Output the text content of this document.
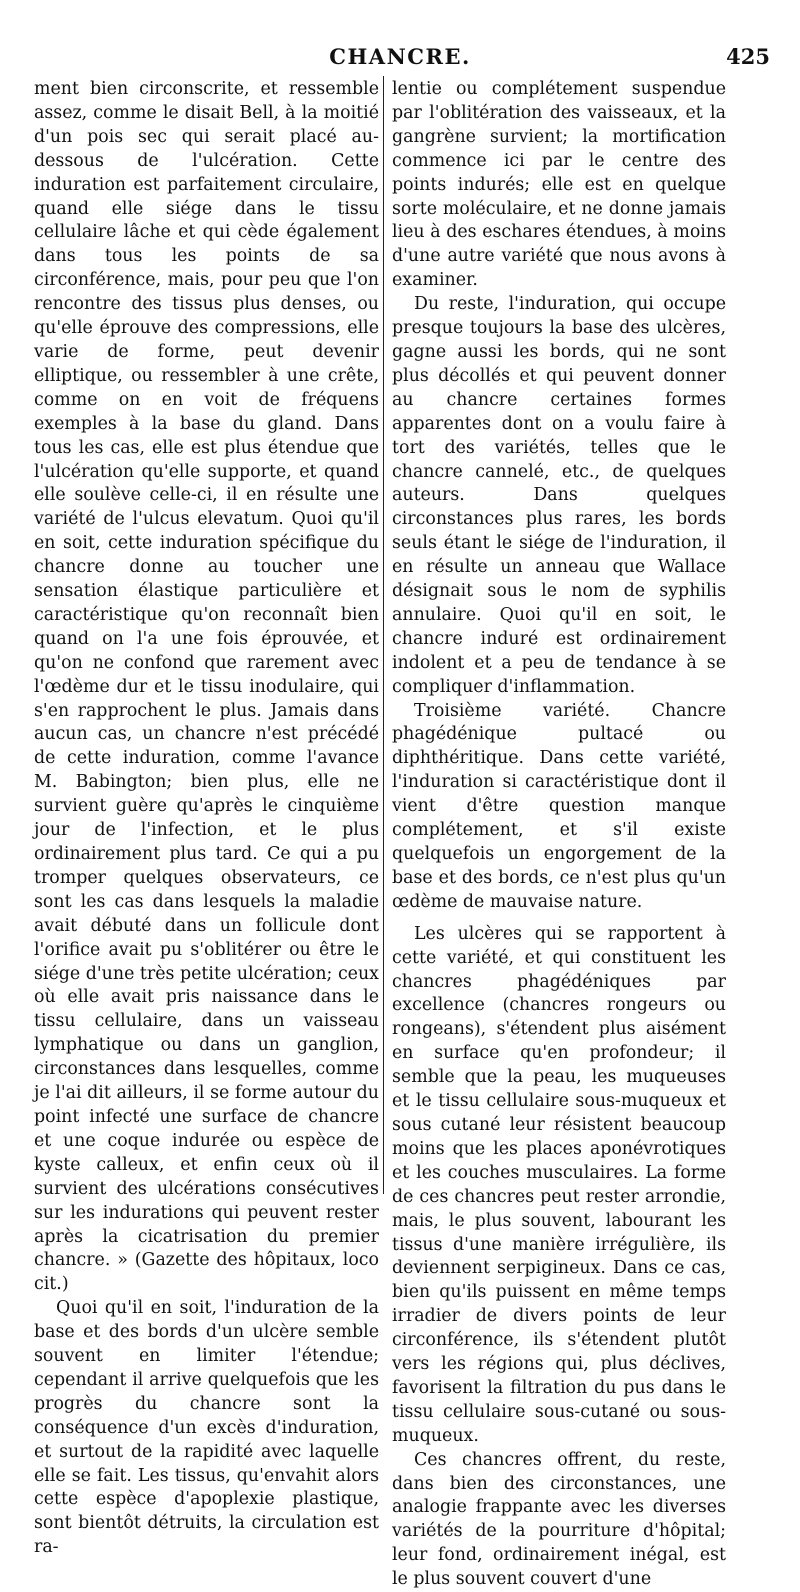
CHANCRE.	425

ment bien circonscrite, et ressemble assez, comme le disait Bell, à la moitié d'un pois sec qui serait placé au-dessous de l'ulcération. Cette induration est parfaitement circulaire, quand elle siége dans le tissu cellulaire lâche et qui cède également dans tous les points de sa circonférence, mais, pour peu que l'on rencontre des tissus plus denses, ou qu'elle éprouve des compressions, elle varie de forme, peut devenir elliptique, ou ressembler à une crête, comme on en voit de fréquens exemples à la base du gland. Dans tous les cas, elle est plus étendue que l'ulcération qu'elle supporte, et quand elle soulève celle-ci, il en résulte une variété de l'ulcus elevatum. Quoi qu'il en soit, cette induration spécifique du chancre donne au toucher une sensation élastique particulière et caractéristique qu'on reconnaît bien quand on l'a une fois éprouvée, et qu'on ne confond que rarement avec l'œdème dur et le tissu inodulaire, qui s'en rapprochent le plus. Jamais dans aucun cas, un chancre n'est précédé de cette induration, comme l'avance M. Babington; bien plus, elle ne survient guère qu'après le cinquième jour de l'infection, et le plus ordinairement plus tard. Ce qui a pu tromper quelques observateurs, ce sont les cas dans lesquels la maladie avait débuté dans un follicule dont l'orifice avait pu s'oblitérer ou être le siége d'une très petite ulcération; ceux où elle avait pris naissance dans le tissu cellulaire, dans un vaisseau lymphatique ou dans un ganglion, circonstances dans lesquelles, comme je l'ai dit ailleurs, il se forme autour du point infecté une surface de chancre et une coque indurée ou espèce de kyste calleux, et enfin ceux où il survient des ulcérations consécutives sur les indurations qui peuvent rester après la cicatrisation du premier chancre. » (Gazette des hôpitaux, loco cit.)

Quoi qu'il en soit, l'induration de la base et des bords d'un ulcère semble souvent en limiter l'étendue; cependant il arrive quelquefois que les progrès du chancre sont la conséquence d'un excès d'induration, et surtout de la rapidité avec laquelle elle se fait. Les tissus, qu'envahit alors cette espèce d'apoplexie plastique, sont bientôt détruits, la circulation est ra-

lentie ou complétement suspendue par l'oblitération des vaisseaux, et la gangrène survient; la mortification commence ici par le centre des points indurés; elle est en quelque sorte moléculaire, et ne donne jamais lieu à des eschares étendues, à moins d'une autre variété que nous avons à examiner.

Du reste, l'induration, qui occupe presque toujours la base des ulcères, gagne aussi les bords, qui ne sont plus décollés et qui peuvent donner au chancre certaines formes apparentes dont on a voulu faire à tort des variétés, telles que le chancre cannelé, etc., de quelques auteurs. Dans quelques circonstances plus rares, les bords seuls étant le siége de l'induration, il en résulte un anneau que Wallace désignait sous le nom de syphilis annulaire. Quoi qu'il en soit, le chancre induré est ordinairement indolent et a peu de tendance à se compliquer d'inflammation.

Troisième variété. Chancre phagédénique pultacé ou diphthéritique. Dans cette variété, l'induration si caractéristique dont il vient d'être question manque complétement, et s'il existe quelquefois un engorgement de la base et des bords, ce n'est plus qu'un œdème de mauvaise nature.

Les ulcères qui se rapportent à cette variété, et qui constituent les chancres phagédéniques par excellence (chancres rongeurs ou rongeans), s'étendent plus aisément en surface qu'en profondeur; il semble que la peau, les muqueuses et le tissu cellulaire sous-muqueux et sous cutané leur résistent beaucoup moins que les places aponévrotiques et les couches musculaires. La forme de ces chancres peut rester arrondie, mais, le plus souvent, labourant les tissus d'une manière irrégulière, ils deviennent serpigineux. Dans ce cas, bien qu'ils puissent en même temps irradier de divers points de leur circonférence, ils s'étendent plutôt vers les régions qui, plus déclives, favorisent la filtration du pus dans le tissu cellulaire sous-cutané ou sous-muqueux.

Ces chancres offrent, du reste, dans bien des circonstances, une analogie frappante avec les diverses variétés de la pourriture d'hôpital; leur fond, ordinairement inégal, est le plus souvent couvert d'une
